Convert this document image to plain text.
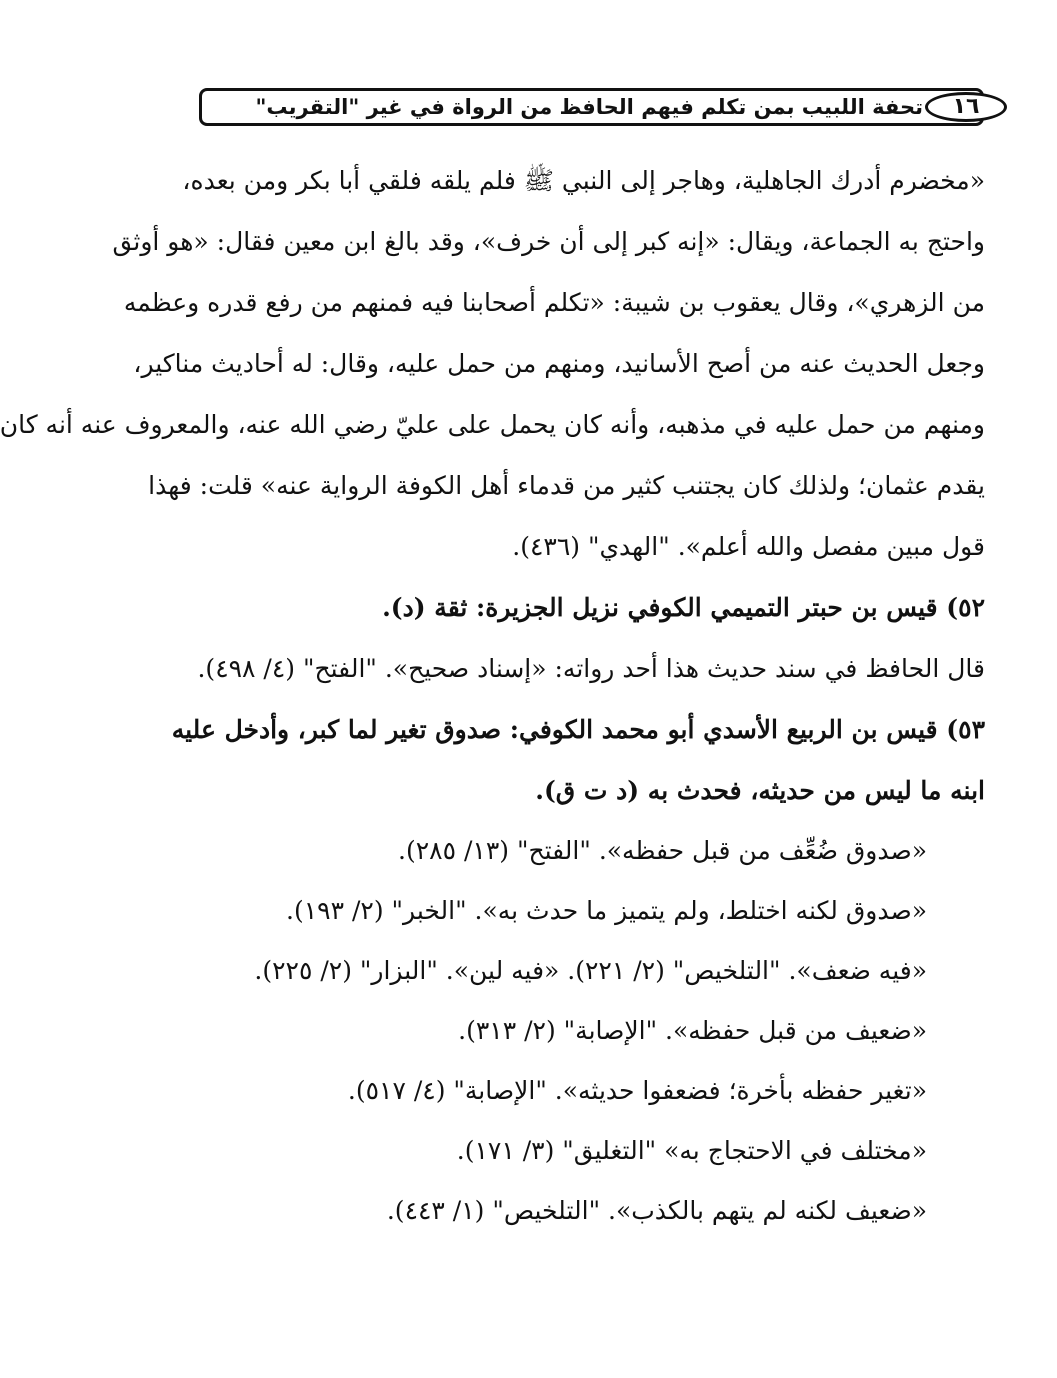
تحفة اللبيب بمن تكلم فيهم الحافظ من الرواة في غير "التقريب"	١٦
«مخضرم أدرك الجاهلية، وهاجر إلى النبي ﷺ فلم يلقه فلقي أبا بكر ومن بعده،
واحتج به الجماعة، ويقال: «إنه كبر إلى أن خرف»، وقد بالغ ابن معين فقال: «هو أوثق
من الزهري»، وقال يعقوب بن شيبة: «تكلم أصحابنا فيه فمنهم من رفع قدره وعظمه
وجعل الحديث عنه من أصح الأسانيد، ومنهم من حمل عليه، وقال: له أحاديث مناكير،
ومنهم من حمل عليه في مذهبه، وأنه كان يحمل على عليّ رضي الله عنه، والمعروف عنه أنه كان
يقدم عثمان؛ ولذلك كان يجتنب كثير من قدماء أهل الكوفة الرواية عنه» قلت: فهذا
قول مبين مفصل والله أعلم». "الهدي" (٤٣٦).
٥٢) قيس بن حبتر التميمي الكوفي نزيل الجزيرة: ثقة (د).
قال الحافظ في سند حديث هذا أحد رواته: «إسناد صحيح». "الفتح" (٤/ ٤٩٨).
٥٣) قيس بن الربيع الأسدي أبو محمد الكوفي: صدوق تغير لما كبر، وأدخل عليه
ابنه ما ليس من حديثه، فحدث به (د ت ق).
«صدوق ضُعِّف من قبل حفظه». "الفتح" (١٣/ ٢٨٥).
«صدوق لكنه اختلط، ولم يتميز ما حدث به». "الخبر" (٢/ ١٩٣).
«فيه ضعف». "التلخيص" (٢/ ٢٢١). «فيه لين». "البزار" (٢/ ٢٢٥).
«ضعيف من قبل حفظه». "الإصابة" (٢/ ٣١٣).
«تغير حفظه بأخرة؛ فضعفوا حديثه». "الإصابة" (٤/ ٥١٧).
«مختلف في الاحتجاج به» "التغليق" (٣/ ١٧١).
«ضعيف لكنه لم يتهم بالكذب». "التلخيص" (١/ ٤٤٣).
